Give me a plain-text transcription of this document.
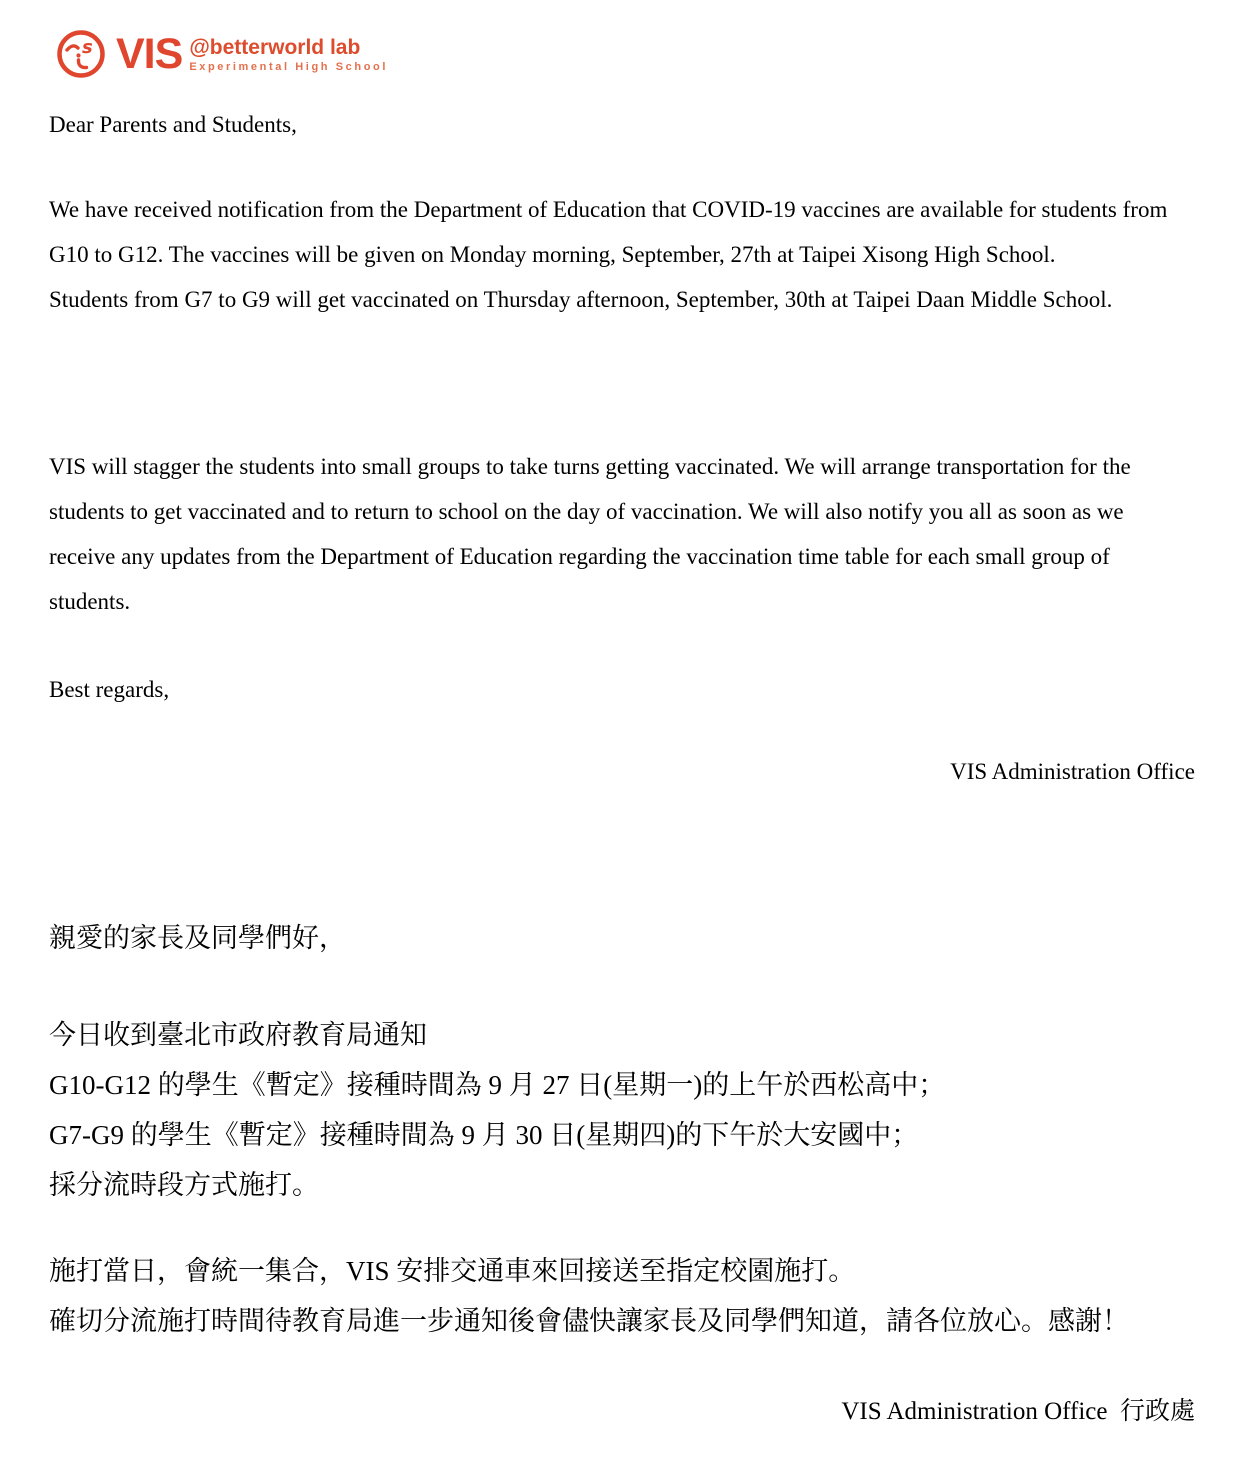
s VIS @betterworld lab
Experimental High School

Dear Parents and Students,

We have received notification from the Department of Education that COVID-19 vaccines are available for students from G10 to G12. The vaccines will be given on Monday morning, September, 27th at Taipei Xisong High School.

Students from G7 to G9 will get vaccinated on Thursday afternoon, September, 30th at Taipei Daan Middle School.

VIS will stagger the students into small groups to take turns getting vaccinated. We will arrange transportation for the students to get vaccinated and to return to school on the day of vaccination. We will also notify you all as soon as we receive any updates from the Department of Education regarding the vaccination time table for each small group of students.

Best regards,

VIS Administration Office

親愛的家長及同學們好，

今日收到臺北市政府教育局通知

G10-G12 的學生《暫定》接種時間為 9 月 27 日(星期一)的上午於西松高中；

G7-G9 的學生《暫定》接種時間為 9 月 30 日(星期四)的下午於大安國中；

採分流時段方式施打。

施打當日，會統一集合，VIS 安排交通車來回接送至指定校園施打。

確切分流施打時間待教育局進一步通知後會儘快讓家長及同學們知道，請各位放心。感謝！

VIS Administration Office  行政處
